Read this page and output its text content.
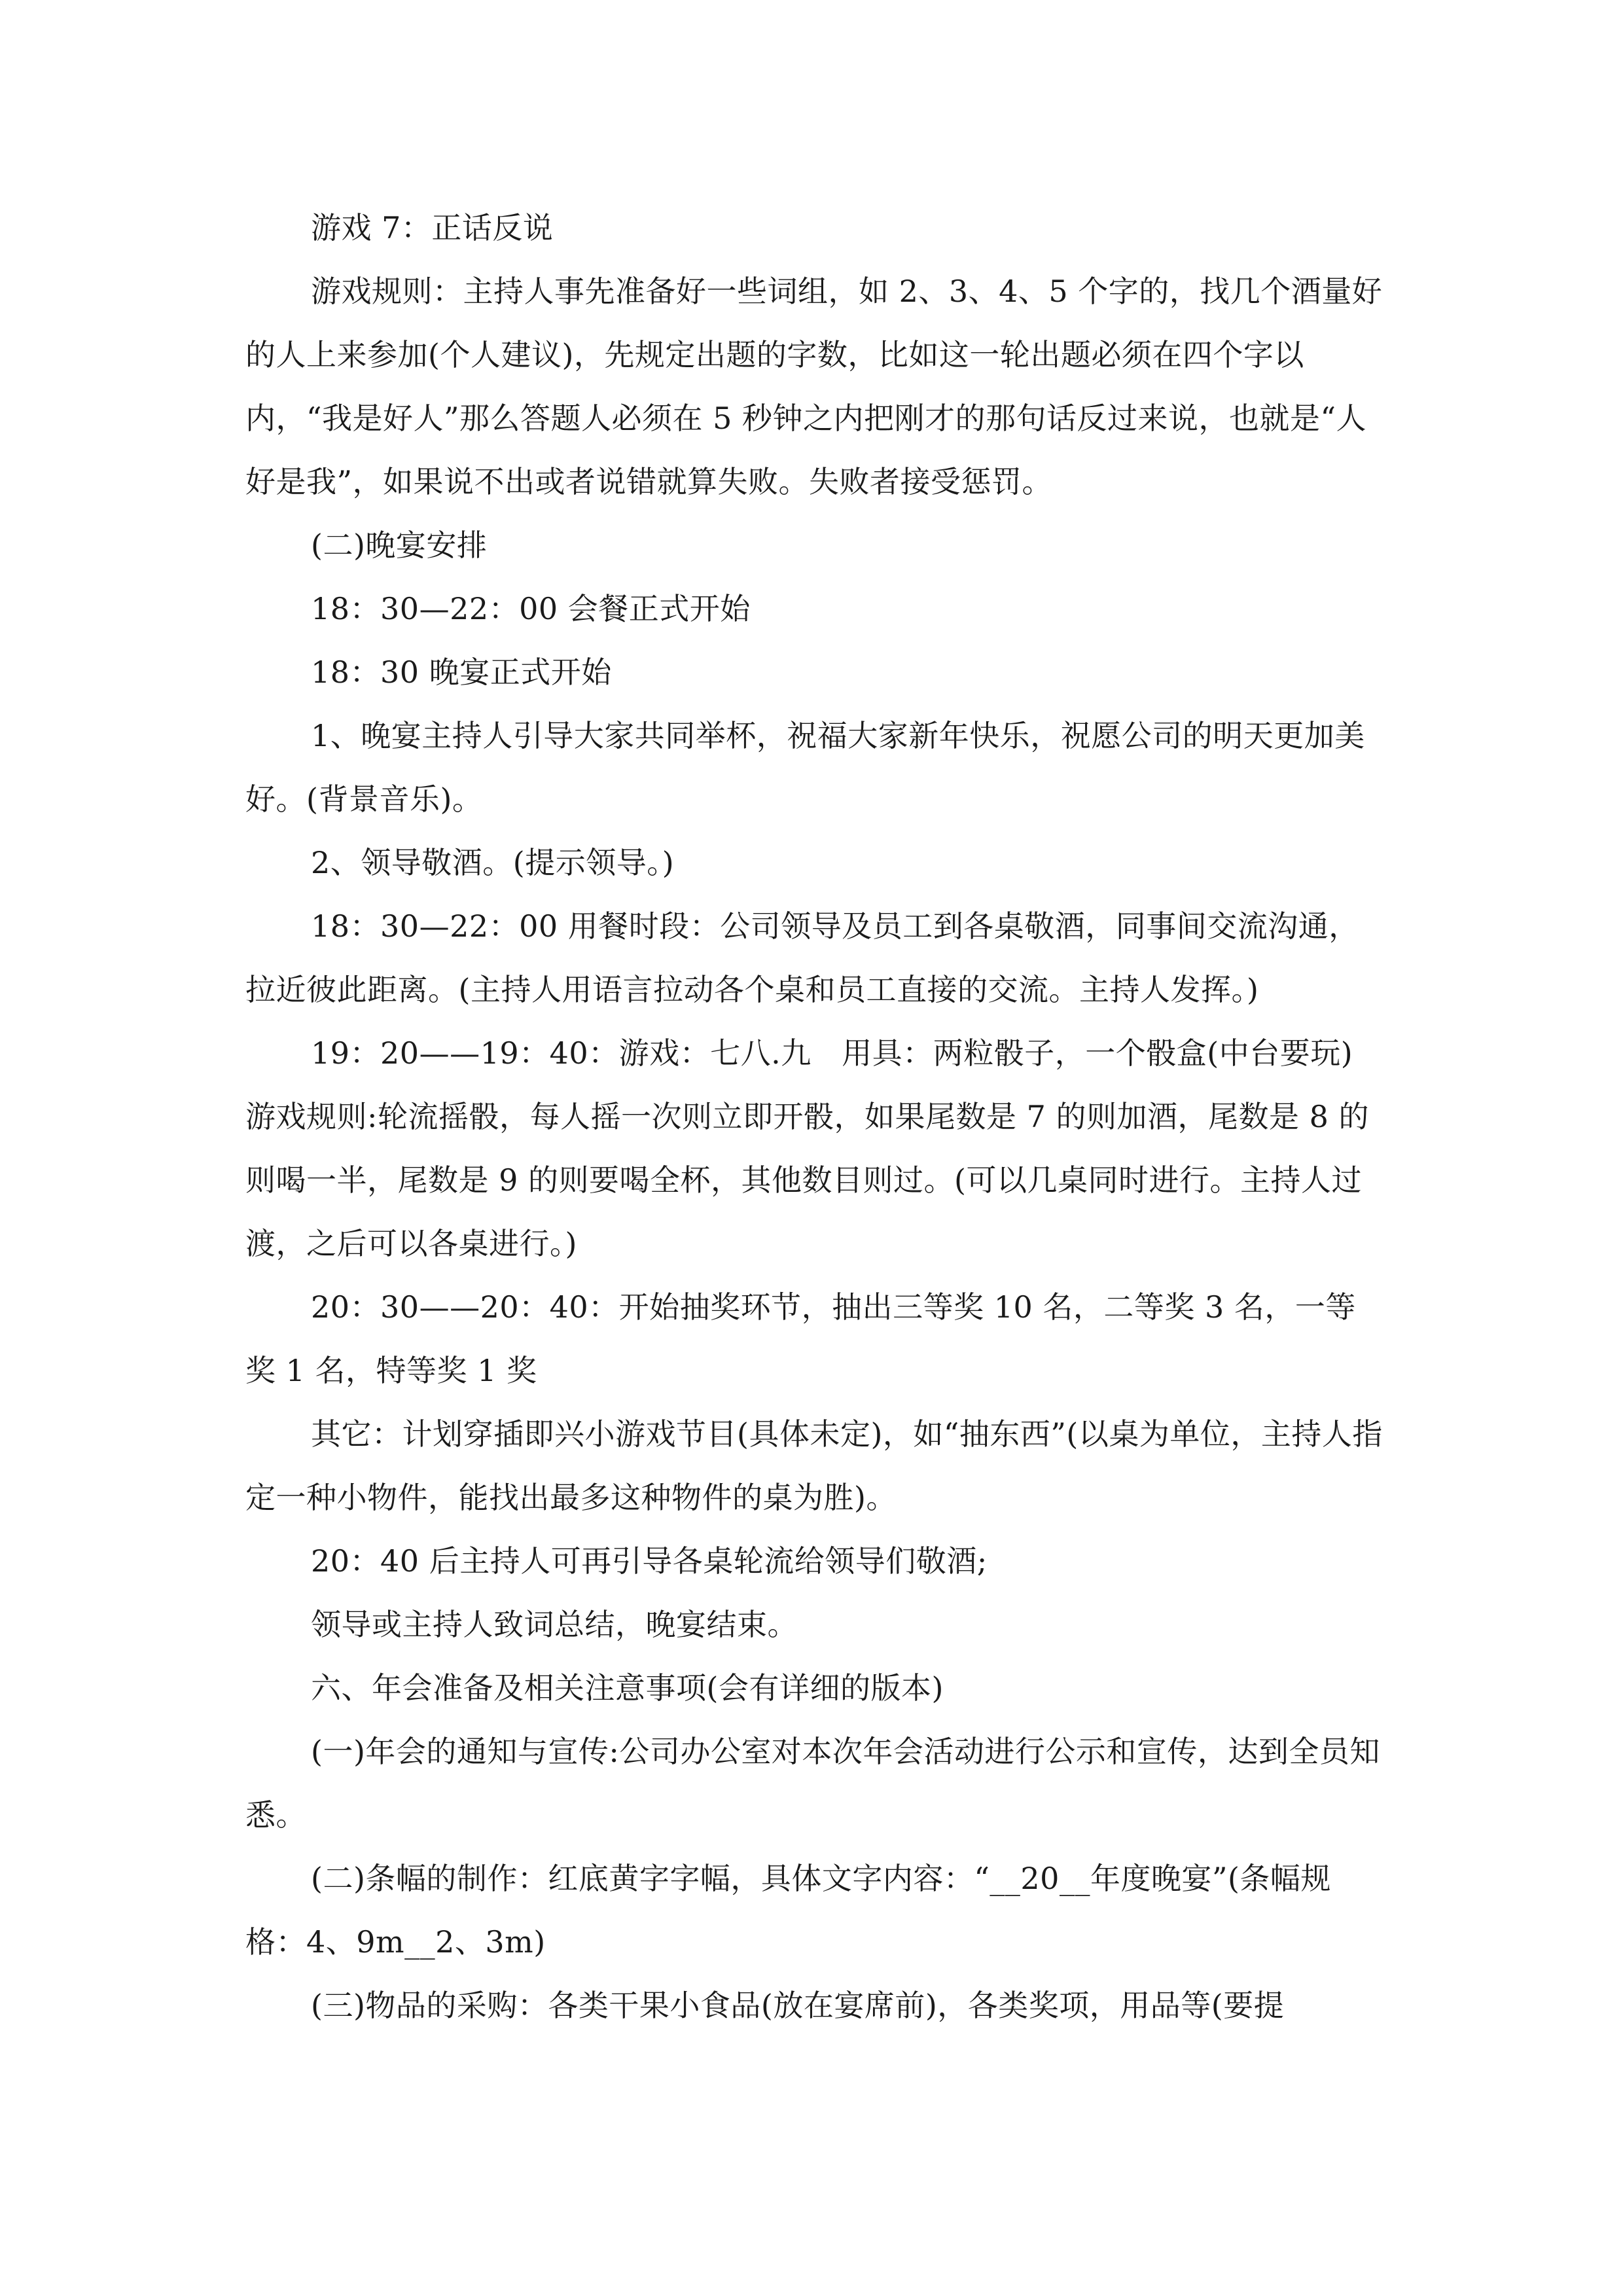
游戏 7：正话反说

游戏规则：主持人事先准备好一些词组，如 2、3、4、5 个字的，找几个酒量好的人上来参加(个人建议)，先规定出题的字数，比如这一轮出题必须在四个字以内，“我是好人”那么答题人必须在 5 秒钟之内把刚才的那句话反过来说，也就是“人好是我”，如果说不出或者说错就算失败。失败者接受惩罚。

(二)晚宴安排

18：30—22：00 会餐正式开始

18：30 晚宴正式开始

1、晚宴主持人引导大家共同举杯，祝福大家新年快乐，祝愿公司的明天更加美好。(背景音乐)。

2、领导敬酒。(提示领导。)

18：30—22：00 用餐时段：公司领导及员工到各桌敬酒，同事间交流沟通，拉近彼此距离。(主持人用语言拉动各个桌和员工直接的交流。主持人发挥。)

19：20——19：40：游戏：七八.九　用具：两粒骰子，一个骰盒(中台要玩)

游戏规则:轮流摇骰，每人摇一次则立即开骰，如果尾数是 7 的则加酒，尾数是 8 的则喝一半，尾数是 9 的则要喝全杯，其他数目则过。(可以几桌同时进行。主持人过渡，之后可以各桌进行。)

20：30——20：40：开始抽奖环节，抽出三等奖 10 名，二等奖 3 名，一等奖 1 名，特等奖 1 奖

其它：计划穿插即兴小游戏节目(具体未定)，如“抽东西”(以桌为单位，主持人指定一种小物件，能找出最多这种物件的桌为胜)。

20：40 后主持人可再引导各桌轮流给领导们敬酒;

领导或主持人致词总结，晚宴结束。

六、年会准备及相关注意事项(会有详细的版本)

(一)年会的通知与宣传:公司办公室对本次年会活动进行公示和宣传，达到全员知悉。

(二)条幅的制作：红底黄字字幅，具体文字内容：“__20__年度晚宴”(条幅规格：4、9m__2、3m)

(三)物品的采购：各类干果小食品(放在宴席前)，各类奖项，用品等(要提
